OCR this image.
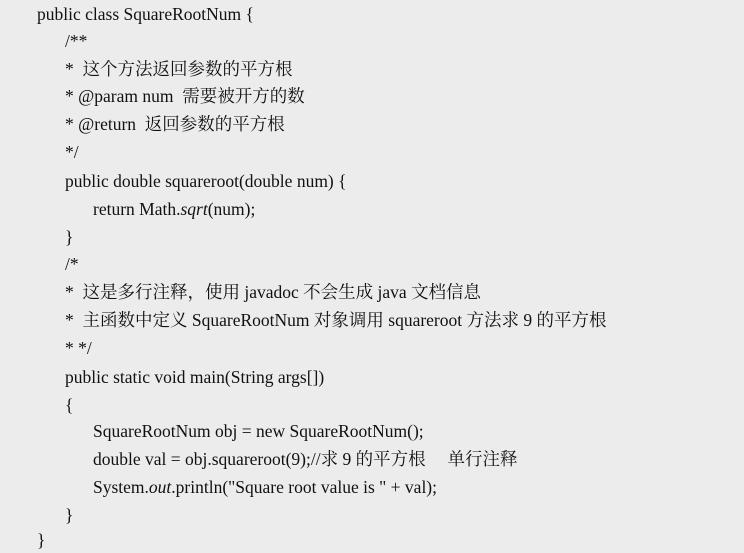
public class SquareRootNum {
/**
*  这个方法返回参数的平方根
* @param num  需要被开方的数
* @return  返回参数的平方根
*/
public double squareroot(double num) {
return Math.sqrt(num);
}
/*
*  这是多行注释，使用 javadoc 不会生成 java 文档信息
*  主函数中定义 SquareRootNum 对象调用 squareroot 方法求 9 的平方根
* */
public static void main(String args[])
{
SquareRootNum obj = new SquareRootNum();
double val = obj.squareroot(9);//求 9 的平方根     单行注释
System.out.println("Square root value is " + val);
}
}
